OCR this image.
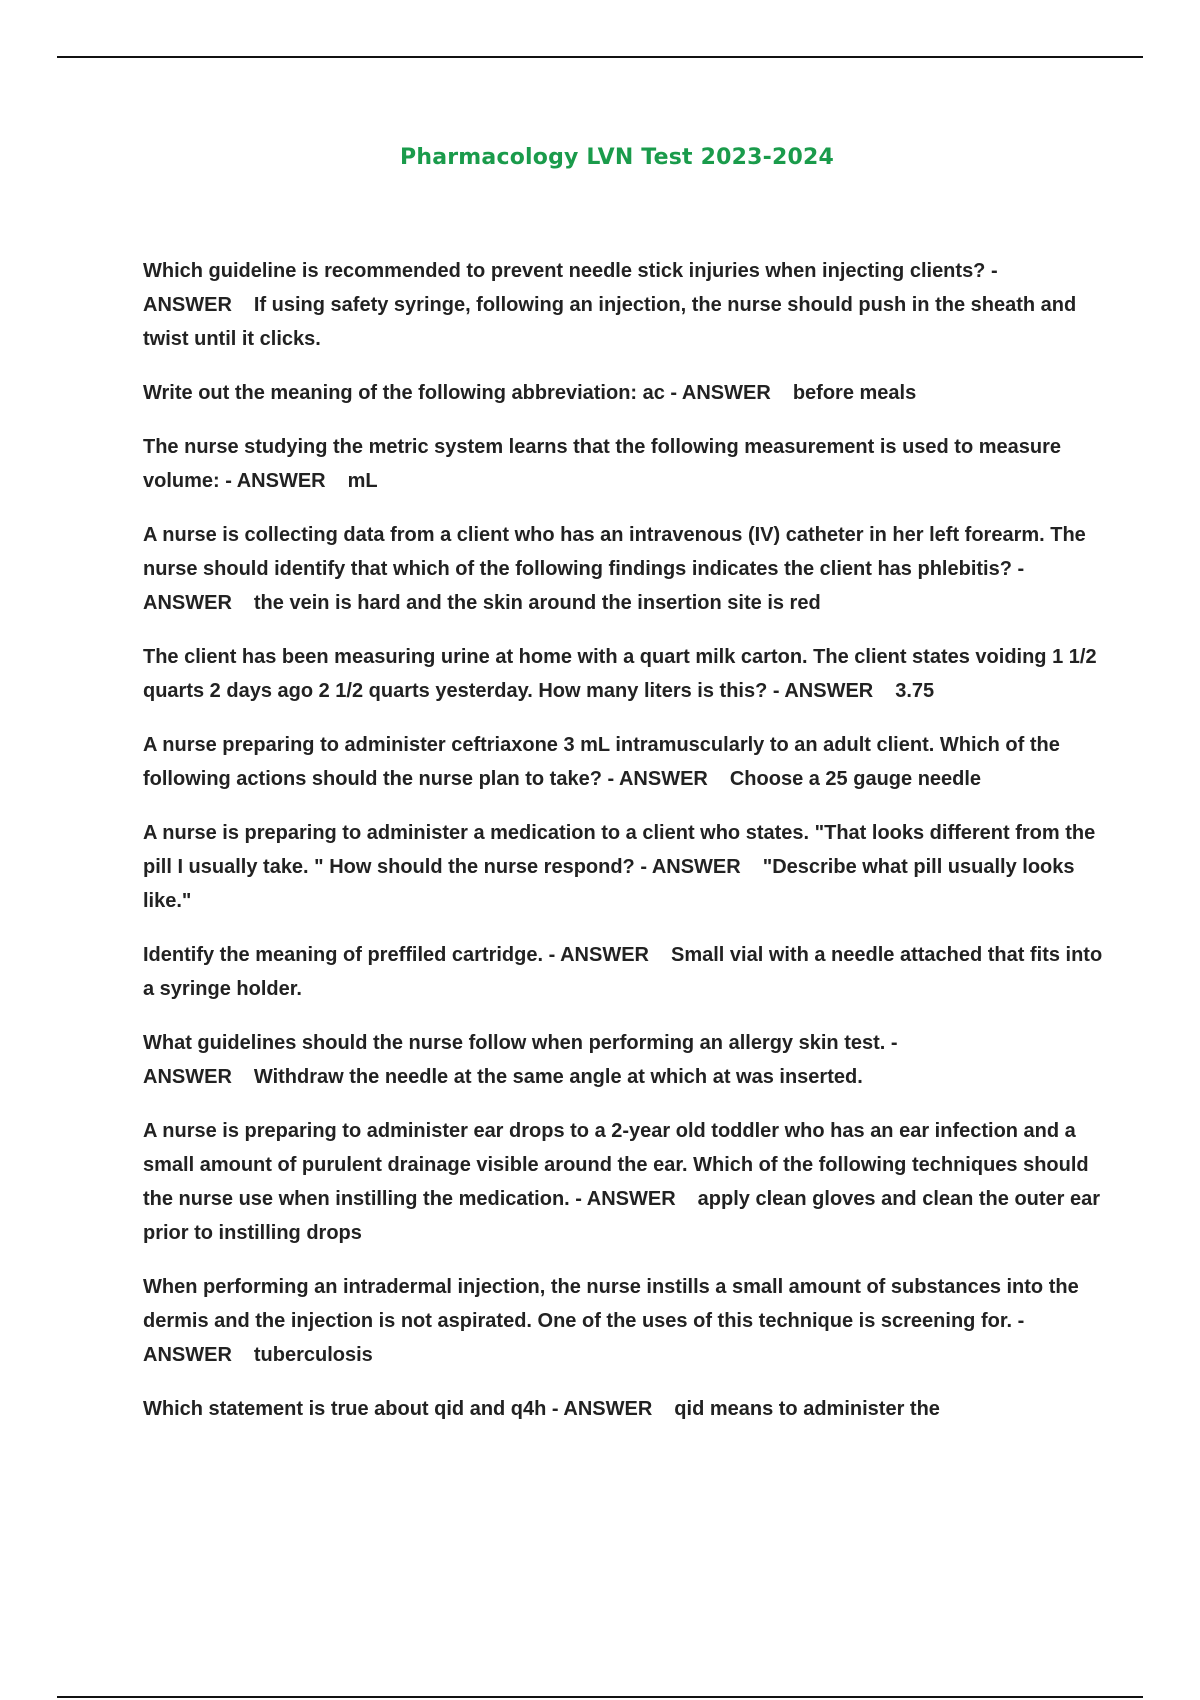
Pharmacology LVN Test 2023-2024

Which guideline is recommended to prevent needle stick injuries when injecting clients? - ANSWER If using safety syringe, following an injection, the nurse should push in the sheath and twist until it clicks.

Write out the meaning of the following abbreviation: ac - ANSWER before meals

The nurse studying the metric system learns that the following measurement is used to measure volume: - ANSWER mL

A nurse is collecting data from a client who has an intravenous (IV) catheter in her left forearm. The nurse should identify that which of the following findings indicates the client has phlebitis? - ANSWER the vein is hard and the skin around the insertion site is red

The client has been measuring urine at home with a quart milk carton. The client states voiding 1 1/2 quarts 2 days ago 2 1/2 quarts yesterday. How many liters is this? - ANSWER 3.75

A nurse preparing to administer ceftriaxone 3 mL intramuscularly to an adult client. Which of the following actions should the nurse plan to take? - ANSWER Choose a 25 gauge needle

A nurse is preparing to administer a medication to a client who states. "That looks different from the pill I usually take. " How should the nurse respond? - ANSWER "Describe what pill usually looks like."

Identify the meaning of preffiled cartridge. - ANSWER Small vial with a needle attached that fits into a syringe holder.

What guidelines should the nurse follow when performing an allergy skin test. - ANSWER Withdraw the needle at the same angle at which at was inserted.

A nurse is preparing to administer ear drops to a 2-year old toddler who has an ear infection and a small amount of purulent drainage visible around the ear. Which of the following techniques should the nurse use when instilling the medication. - ANSWER apply clean gloves and clean the outer ear prior to instilling drops

When performing an intradermal injection, the nurse instills a small amount of substances into the dermis and the injection is not aspirated. One of the uses of this technique is screening for. - ANSWER tuberculosis

Which statement is true about qid and q4h - ANSWER qid means to administer the
